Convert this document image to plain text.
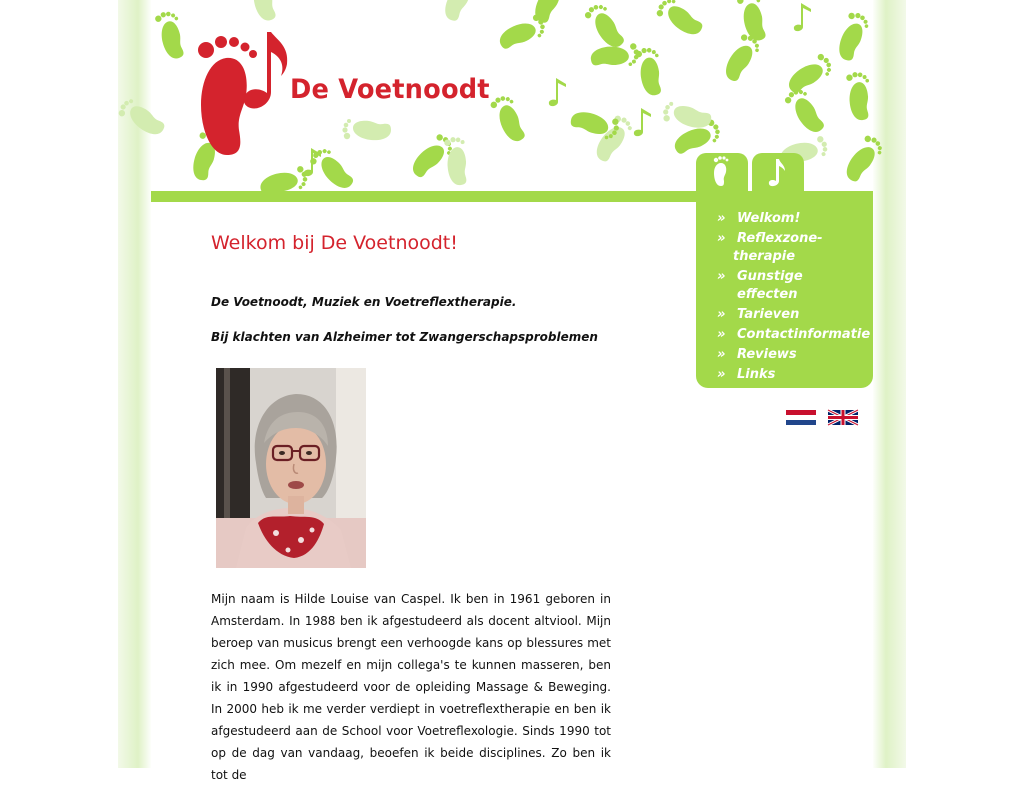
De Voetnoodt
» Welkom!
» Reflexzone-
therapie
» Gunstige effecten
» Tarieven
» Contactinformatie
» Reviews
» Links
Welkom bij De Voetnoodt!

De Voetnoodt, Muziek en Voetreflextherapie.

Bij klachten van Alzheimer tot Zwangerschapsproblemen

Mijn naam is Hilde Louise van Caspel. Ik ben in 1961 geboren in Amsterdam. In 1988 ben ik afgestudeerd als docent altviool. Mijn beroep van musicus brengt een verhoogde kans op blessures met zich mee. Om mezelf en mijn collega's te kunnen masseren, ben ik in 1990 afgestudeerd voor de opleiding Massage & Beweging. In 2000 heb ik me verder verdiept in voetreflextherapie en ben ik afgestudeerd aan de School voor Voetreflexologie. Sinds 1990 tot op de dag van vandaag, beoefen ik beide disciplines. Zo ben ik tot de
